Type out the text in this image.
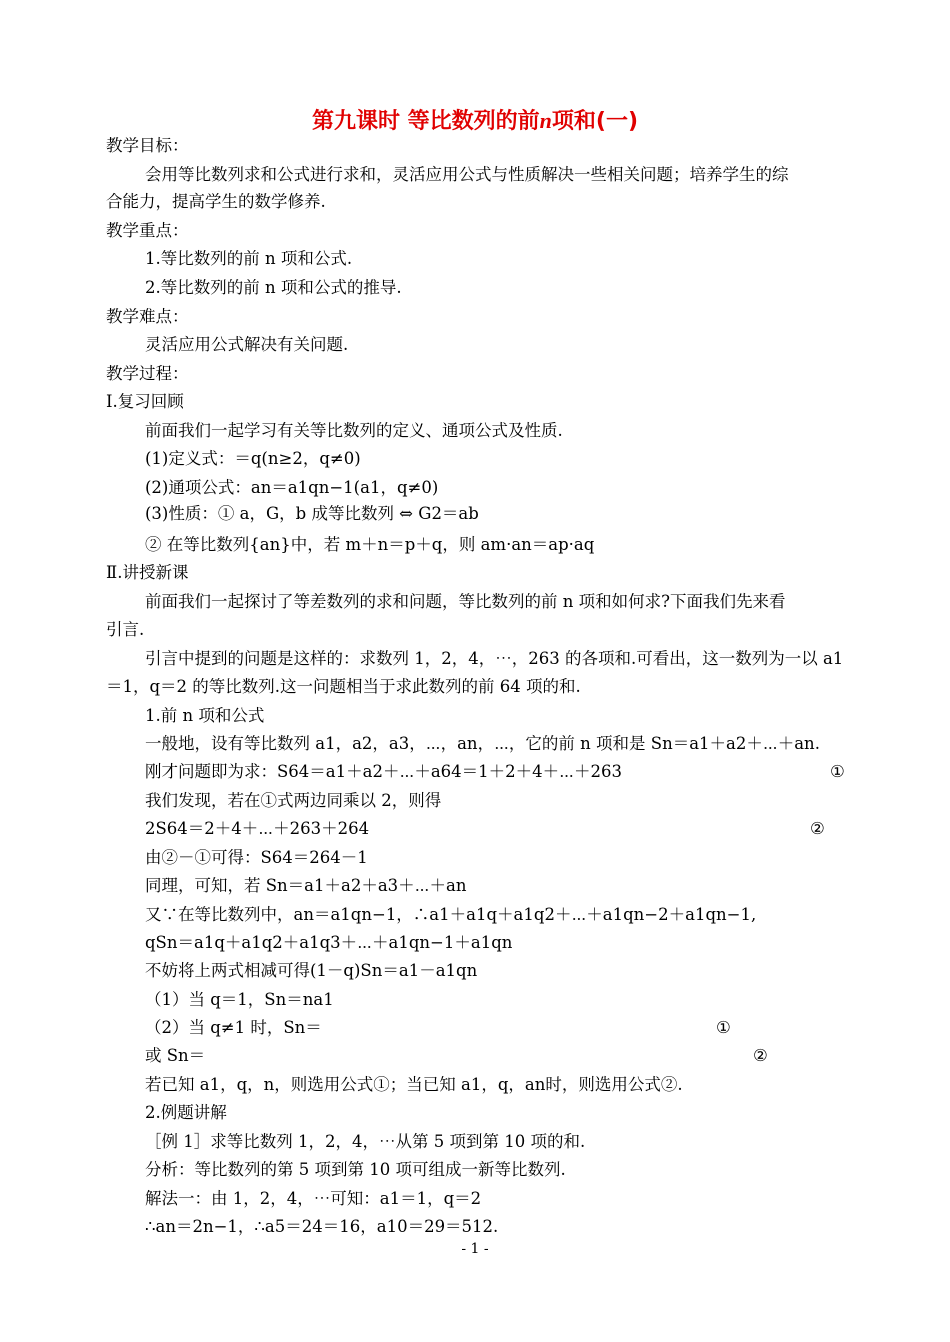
第九课时 等比数列的前n项和(一)
教学目标：
会用等比数列求和公式进行求和，灵活应用公式与性质解决一些相关问题；培养学生的综
合能力，提高学生的数学修养.
教学重点：
1.等比数列的前 n 项和公式.
2.等比数列的前 n 项和公式的推导.
教学难点：
灵活应用公式解决有关问题.
教学过程：
Ⅰ.复习回顾
前面我们一起学习有关等比数列的定义、通项公式及性质.
(1)定义式：＝q(n≥2，q≠0)
(2)通项公式：an＝a1qn−1(a1，q≠0)
(3)性质：① a，G，b 成等比数列 ⇔ G2＝ab
② 在等比数列{an}中，若 m＋n＝p＋q，则 am·an＝ap·aq
Ⅱ.讲授新课
前面我们一起探讨了等差数列的求和问题，等比数列的前 n 项和如何求?下面我们先来看
引言.
引言中提到的问题是这样的：求数列 1，2，4，⋯，263 的各项和.可看出，这一数列为一以 a1
＝1，q＝2 的等比数列.这一问题相当于求此数列的前 64 项的和.
1.前 n 项和公式
一般地，设有等比数列 a1，a2，a3，⋯，an，⋯，它的前 n 项和是 Sn＝a1＋a2＋⋯＋an.
刚才问题即为求：S64＝a1＋a2＋⋯＋a64＝1＋2＋4＋⋯＋263	①
我们发现，若在①式两边同乘以 2，则得
2S64＝2＋4＋⋯＋263＋264	②
由②－①可得：S64＝264－1
同理，可知，若 Sn＝a1＋a2＋a3＋⋯＋an
又∵在等比数列中，an＝a1qn−1，∴a1＋a1q＋a1q2＋⋯＋a1qn−2＋a1qn−1,
qSn＝a1q＋a1q2＋a1q3＋⋯＋a1qn−1＋a1qn
不妨将上两式相减可得(1－q)Sn＝a1－a1qn
（1）当 q＝1，Sn＝na1
（2）当 q≠1 时，Sn＝	①
或 Sn＝	②
若已知 a1，q，n，则选用公式①；当已知 a1，q，an时，则选用公式②.
2.例题讲解
［例 1］求等比数列 1，2，4，⋯从第 5 项到第 10 项的和.
分析：等比数列的第 5 项到第 10 项可组成一新等比数列.
解法一：由 1，2，4，⋯可知：a1＝1，q＝2
∴an＝2n−1，∴a5＝24＝16，a10＝29＝512.
- 1 -
